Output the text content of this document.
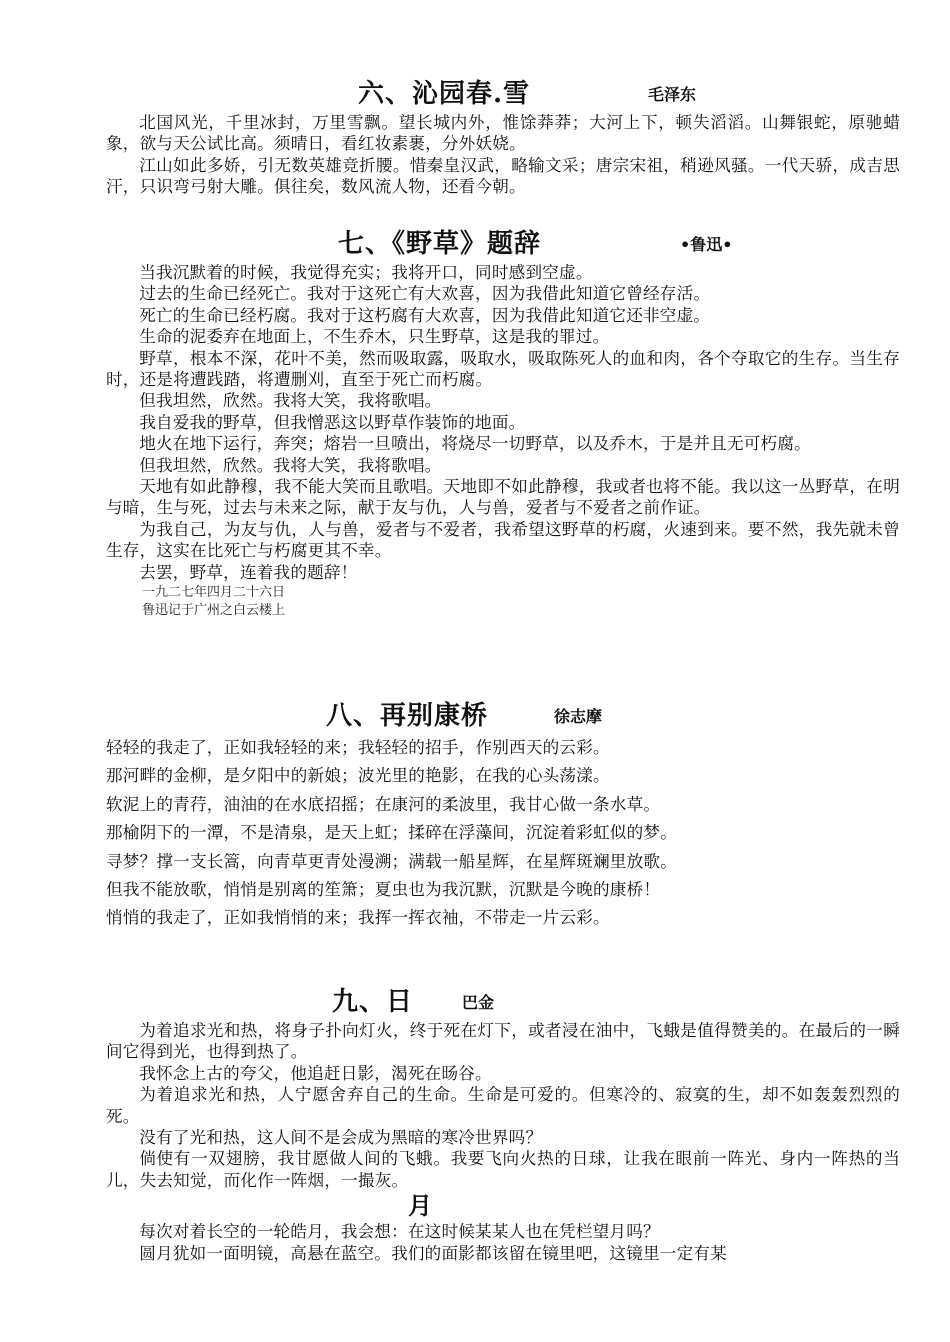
六、沁园春.雪	毛泽东

北国风光，千里冰封，万里雪飘。望长城内外，惟馀莽莽；大河上下，顿失滔滔。山舞银蛇，原驰蜡象，欲与天公试比高。须晴日，看红妆素裹，分外妖娆。

江山如此多娇，引无数英雄竞折腰。惜秦皇汉武，略输文采；唐宗宋祖，稍逊风骚。一代天骄，成吉思汗，只识弯弓射大雕。俱往矣，数风流人物，还看今朝。

七、《野草》题辞	•鲁迅•

当我沉默着的时候，我觉得充实；我将开口，同时感到空虚。

过去的生命已经死亡。我对于这死亡有大欢喜，因为我借此知道它曾经存活。

死亡的生命已经朽腐。我对于这朽腐有大欢喜，因为我借此知道它还非空虚。

生命的泥委弃在地面上，不生乔木，只生野草，这是我的罪过。

野草，根本不深，花叶不美，然而吸取露，吸取水，吸取陈死人的血和肉，各个夺取它的生存。当生存时，还是将遭践踏，将遭删刈，直至于死亡而朽腐。

但我坦然，欣然。我将大笑，我将歌唱。

我自爱我的野草，但我憎恶这以野草作装饰的地面。

地火在地下运行，奔突；熔岩一旦喷出，将烧尽一切野草，以及乔木，于是并且无可朽腐。

但我坦然，欣然。我将大笑，我将歌唱。

天地有如此静穆，我不能大笑而且歌唱。天地即不如此静穆，我或者也将不能。我以这一丛野草，在明与暗，生与死，过去与未来之际，献于友与仇，人与兽，爱者与不爱者之前作证。

为我自己，为友与仇，人与兽，爱者与不爱者，我希望这野草的朽腐，火速到来。要不然，我先就未曾生存，这实在比死亡与朽腐更其不幸。

去罢，野草，连着我的题辞！

一九二七年四月二十六日

鲁迅记于广州之白云楼上

八、再别康桥	徐志摩

轻轻的我走了，正如我轻轻的来；我轻轻的招手，作别西天的云彩。

那河畔的金柳，是夕阳中的新娘；波光里的艳影，在我的心头荡漾。

软泥上的青荇，油油的在水底招摇；在康河的柔波里，我甘心做一条水草。

那榆阴下的一潭，不是清泉，是天上虹；揉碎在浮藻间，沉淀着彩虹似的梦。

寻梦？撑一支长篙，向青草更青处漫溯；满载一船星辉，在星辉斑斓里放歌。

但我不能放歌，悄悄是别离的笙箫；夏虫也为我沉默，沉默是今晚的康桥！

悄悄的我走了，正如我悄悄的来；我挥一挥衣袖，不带走一片云彩。

九、日	巴金

为着追求光和热，将身子扑向灯火，终于死在灯下，或者浸在油中，飞蛾是值得赞美的。在最后的一瞬间它得到光，也得到热了。

我怀念上古的夸父，他追赶日影，渴死在旸谷。

为着追求光和热，人宁愿舍弃自己的生命。生命是可爱的。但寒冷的、寂寞的生，却不如轰轰烈烈的死。

没有了光和热，这人间不是会成为黑暗的寒冷世界吗？

倘使有一双翅膀，我甘愿做人间的飞蛾。我要飞向火热的日球，让我在眼前一阵光、身内一阵热的当儿，失去知觉，而化作一阵烟，一撮灰。

月

每次对着长空的一轮皓月，我会想：在这时候某某人也在凭栏望月吗？

圆月犹如一面明镜，高悬在蓝空。我们的面影都该留在镜里吧，这镜里一定有某
